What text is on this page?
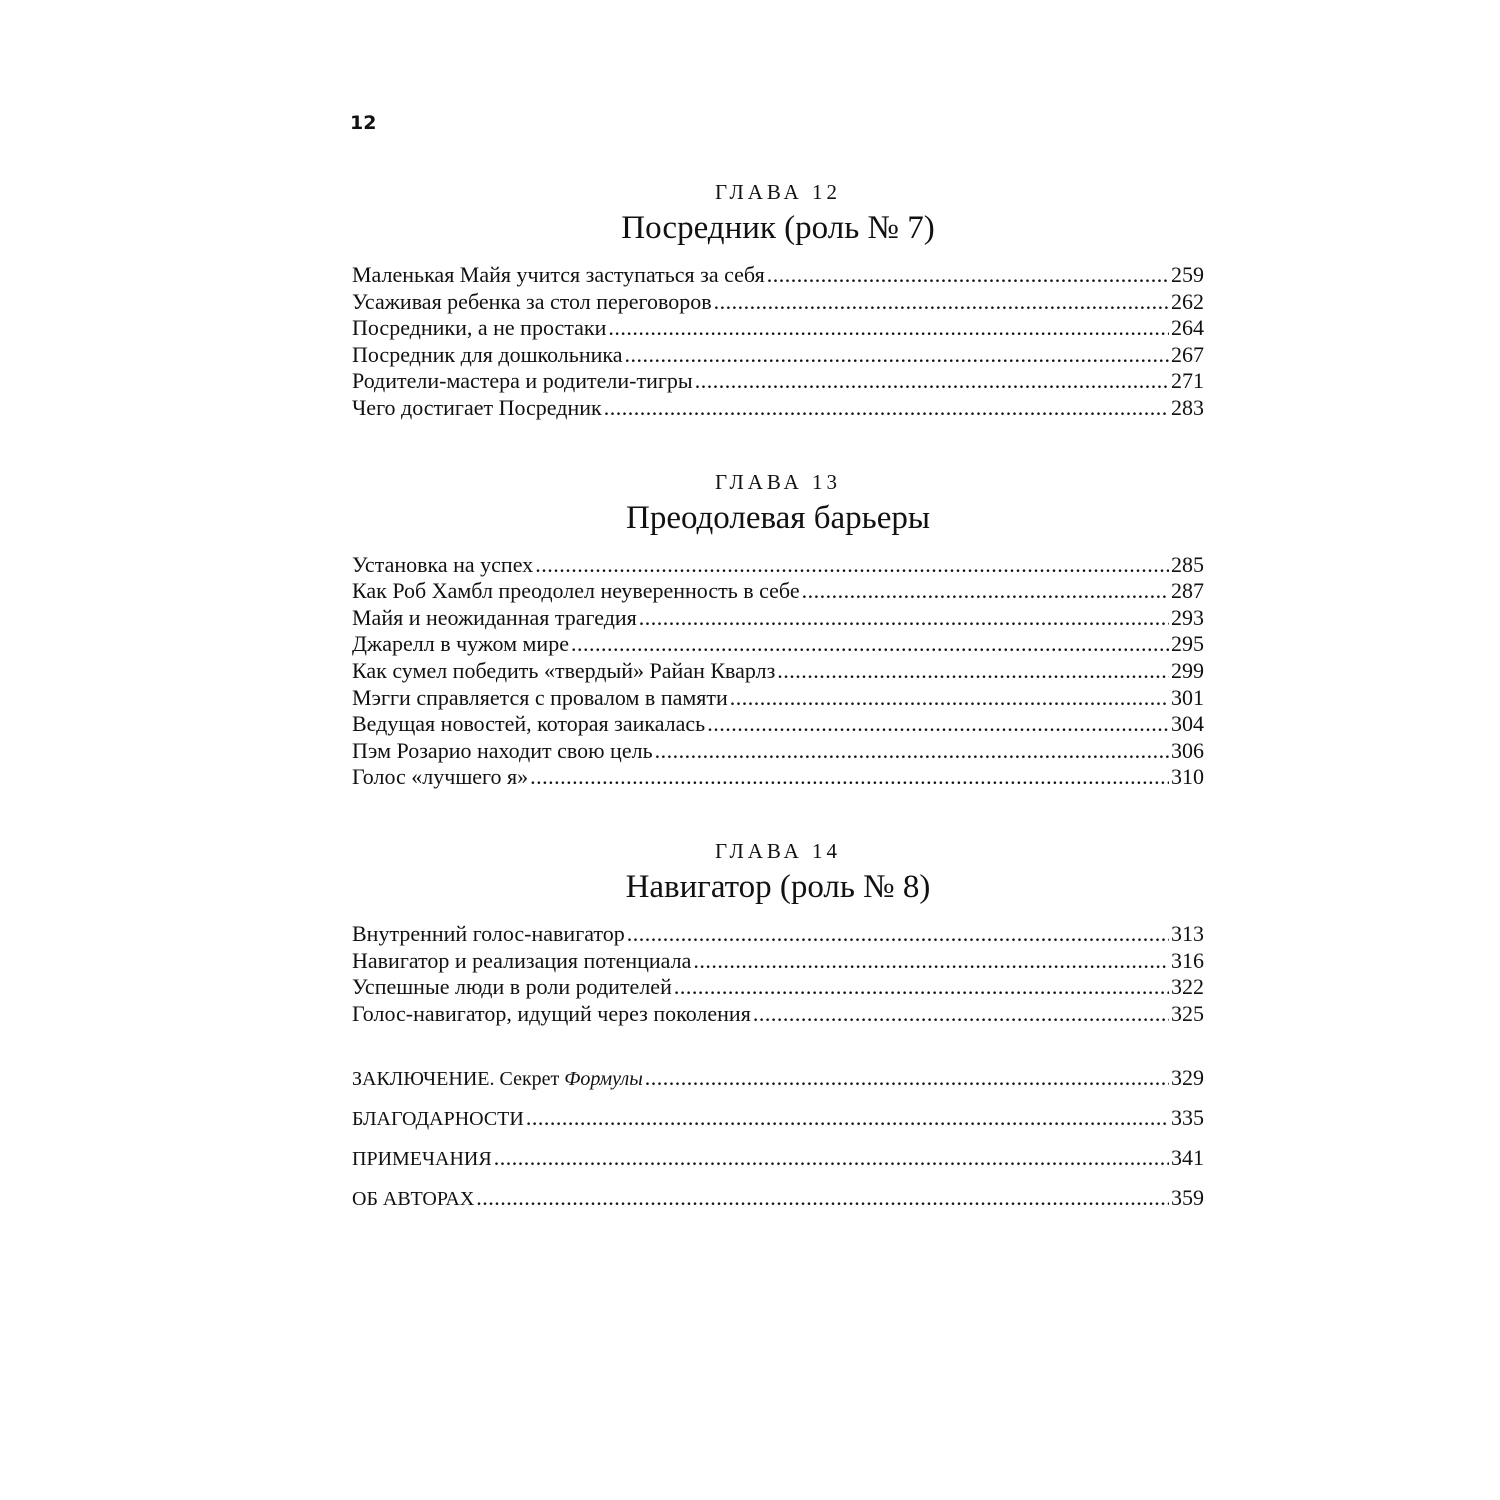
12
ГЛАВА 12
Посредник (роль № 7)
Маленькая Майя учится заступаться за себя .....	259
Усаживая ребенка за стол переговоров .....	262
Посредники, а не простаки .....	264
Посредник для дошкольника .....	267
Родители-мастера и родители-тигры .....	271
Чего достигает Посредник .....	283
ГЛАВА 13
Преодолевая барьеры
Установка на успех .....	285
Как Роб Хамбл преодолел неуверенность в себе .....	287
Майя и неожиданная трагедия .....	293
Джарелл в чужом мире .....	295
Как сумел победить «твердый» Райан Кварлз .....	299
Мэгги справляется с провалом в памяти .....	301
Ведущая новостей, которая заикалась .....	304
Пэм Розарио находит свою цель .....	306
Голос «лучшего я» .....	310
ГЛАВА 14
Навигатор (роль № 8)
Внутренний голос-навигатор .....	313
Навигатор и реализация потенциала .....	316
Успешные люди в роли родителей .....	322
Голос-навигатор, идущий через поколения .....	325
ЗАКЛЮЧЕНИЕ. Секрет Формулы .....	329
БЛАГОДАРНОСТИ .....	335
ПРИМЕЧАНИЯ .....	341
ОБ АВТОРАХ .....	359
